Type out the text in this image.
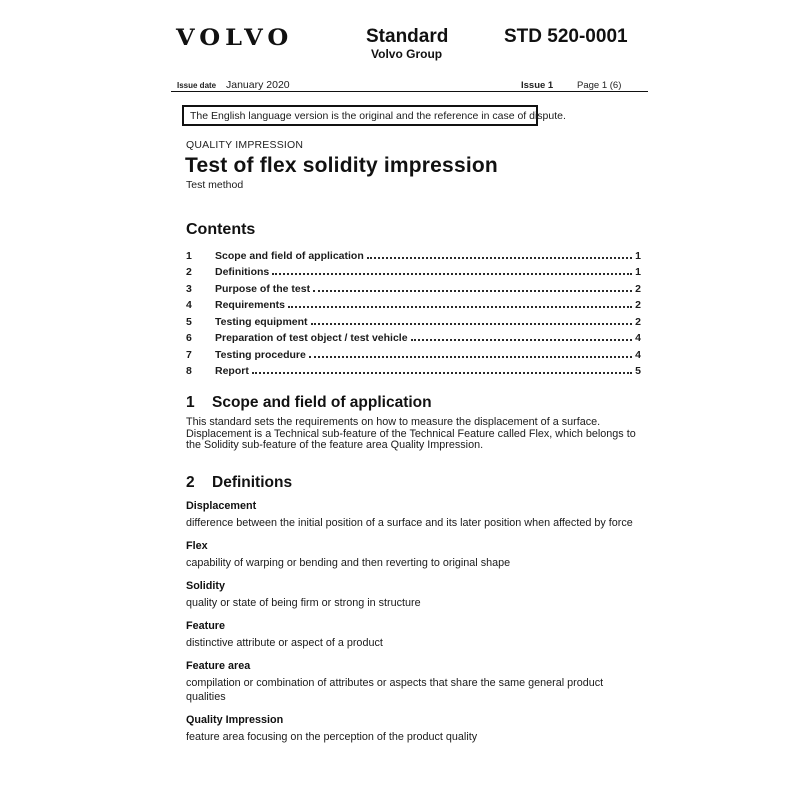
VOLVO	Standard
Volvo Group
STD 520-0001
Issue date January 2020	Issue 1	Page 1 (6)
The English language version is the original and the reference in case of dispute.
QUALITY IMPRESSION
Test of flex solidity impression
Test method
Contents
1	Scope and field of application	1
2	Definitions	1
3	Purpose of the test	2
4	Requirements	2
5	Testing equipment	2
6	Preparation of test object / test vehicle	4
7	Testing procedure	4
8	Report	5
1 Scope and field of application
This standard sets the requirements on how to measure the displacement of a surface. Displacement is a Technical sub-feature of the Technical Feature called Flex, which belongs to the Solidity sub-feature of the feature area Quality Impression.
2 Definitions
Displacement
difference between the initial position of a surface and its later position when affected by force
Flex
capability of warping or bending and then reverting to original shape
Solidity
quality or state of being firm or strong in structure
Feature
distinctive attribute or aspect of a product
Feature area
compilation or combination of attributes or aspects that share the same general product qualities
Quality Impression
feature area focusing on the perception of the product quality
